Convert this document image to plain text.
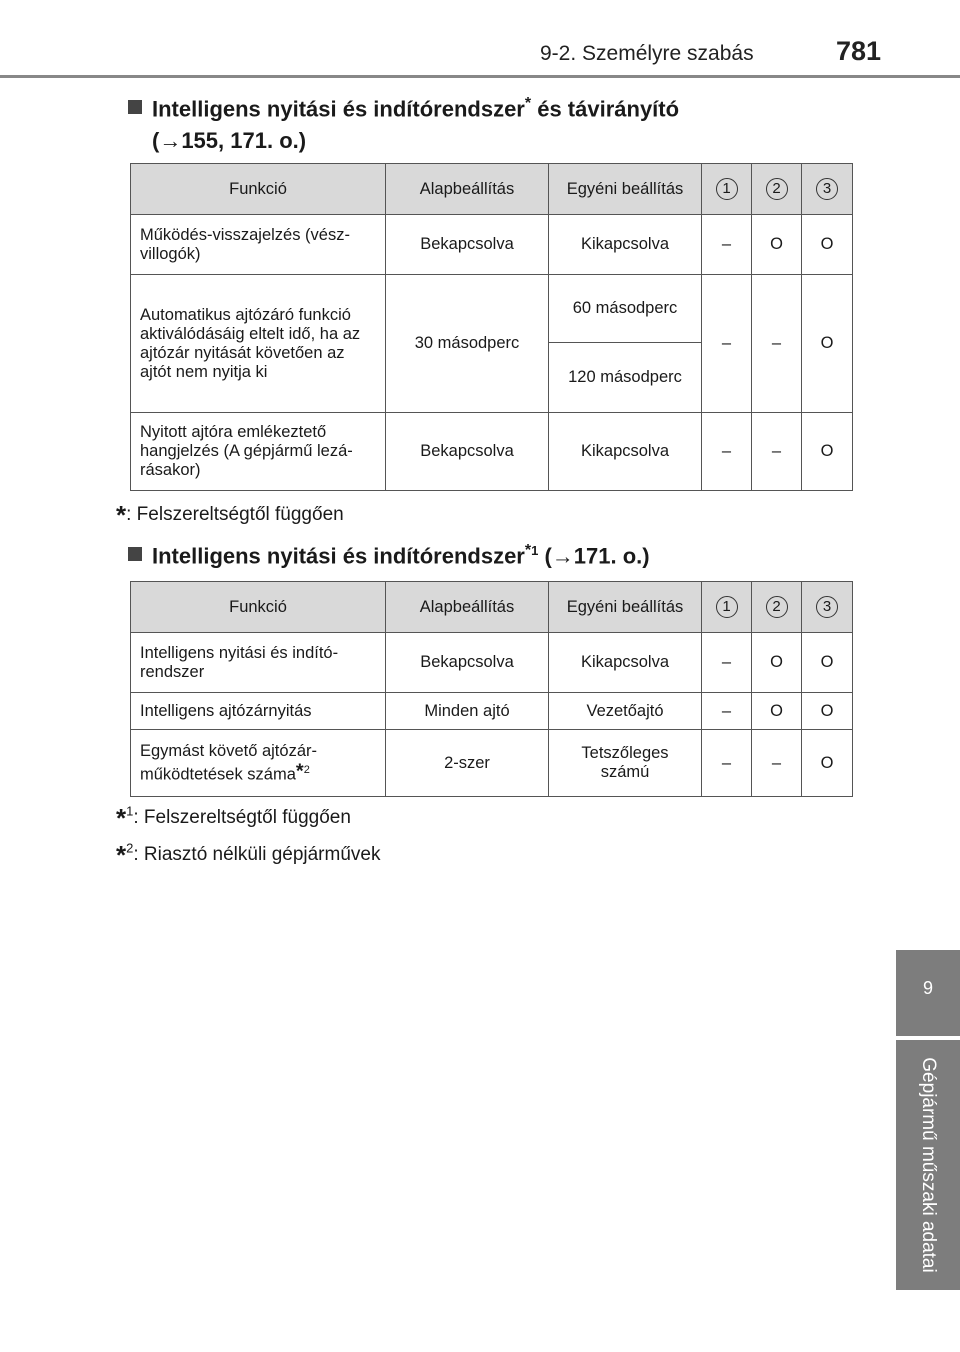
9-2. Személyre szabás	781
9
Gépjármű műszaki adatai
Intelligens nyitási és indítórendszer* és távirányító
(→155, 171. o.)
Funkció	Alapbeállítás	Egyéni beállítás	1	2	3
Működés-visszajelzés (vész-villogók)	Bekapcsolva	Kikapcsolva	–	O	O
Automatikus ajtózáró funkció aktiválódásáig eltelt idő, ha az ajtózár nyitását követően az ajtót nem nyitja ki	30 másodperc	60 másodperc	–	–	O
		120 másodperc			
Nyitott ajtóra emlékeztető hangjelzés (A gépjármű lezá-rásakor)	Bekapcsolva	Kikapcsolva	–	–	O
*: Felszereltségtől függően
Intelligens nyitási és indítórendszer$^{*1}$ (→171. o.)
Funkció	Alapbeállítás	Egyéni beállítás	1	2	3
Intelligens nyitási és indító-rendszer	Bekapcsolva	Kikapcsolva	–	O	O
Intelligens ajtózárnyitás	Minden ajtó	Vezetőajtó	–	O	O
Egymást követő ajtózár-működtetések száma*$^2$	2-szer	Tetszőleges számú	–	–	O
*$^1$: Felszereltségtől függően
*$^2$: Riasztó nélküli gépjárművek
